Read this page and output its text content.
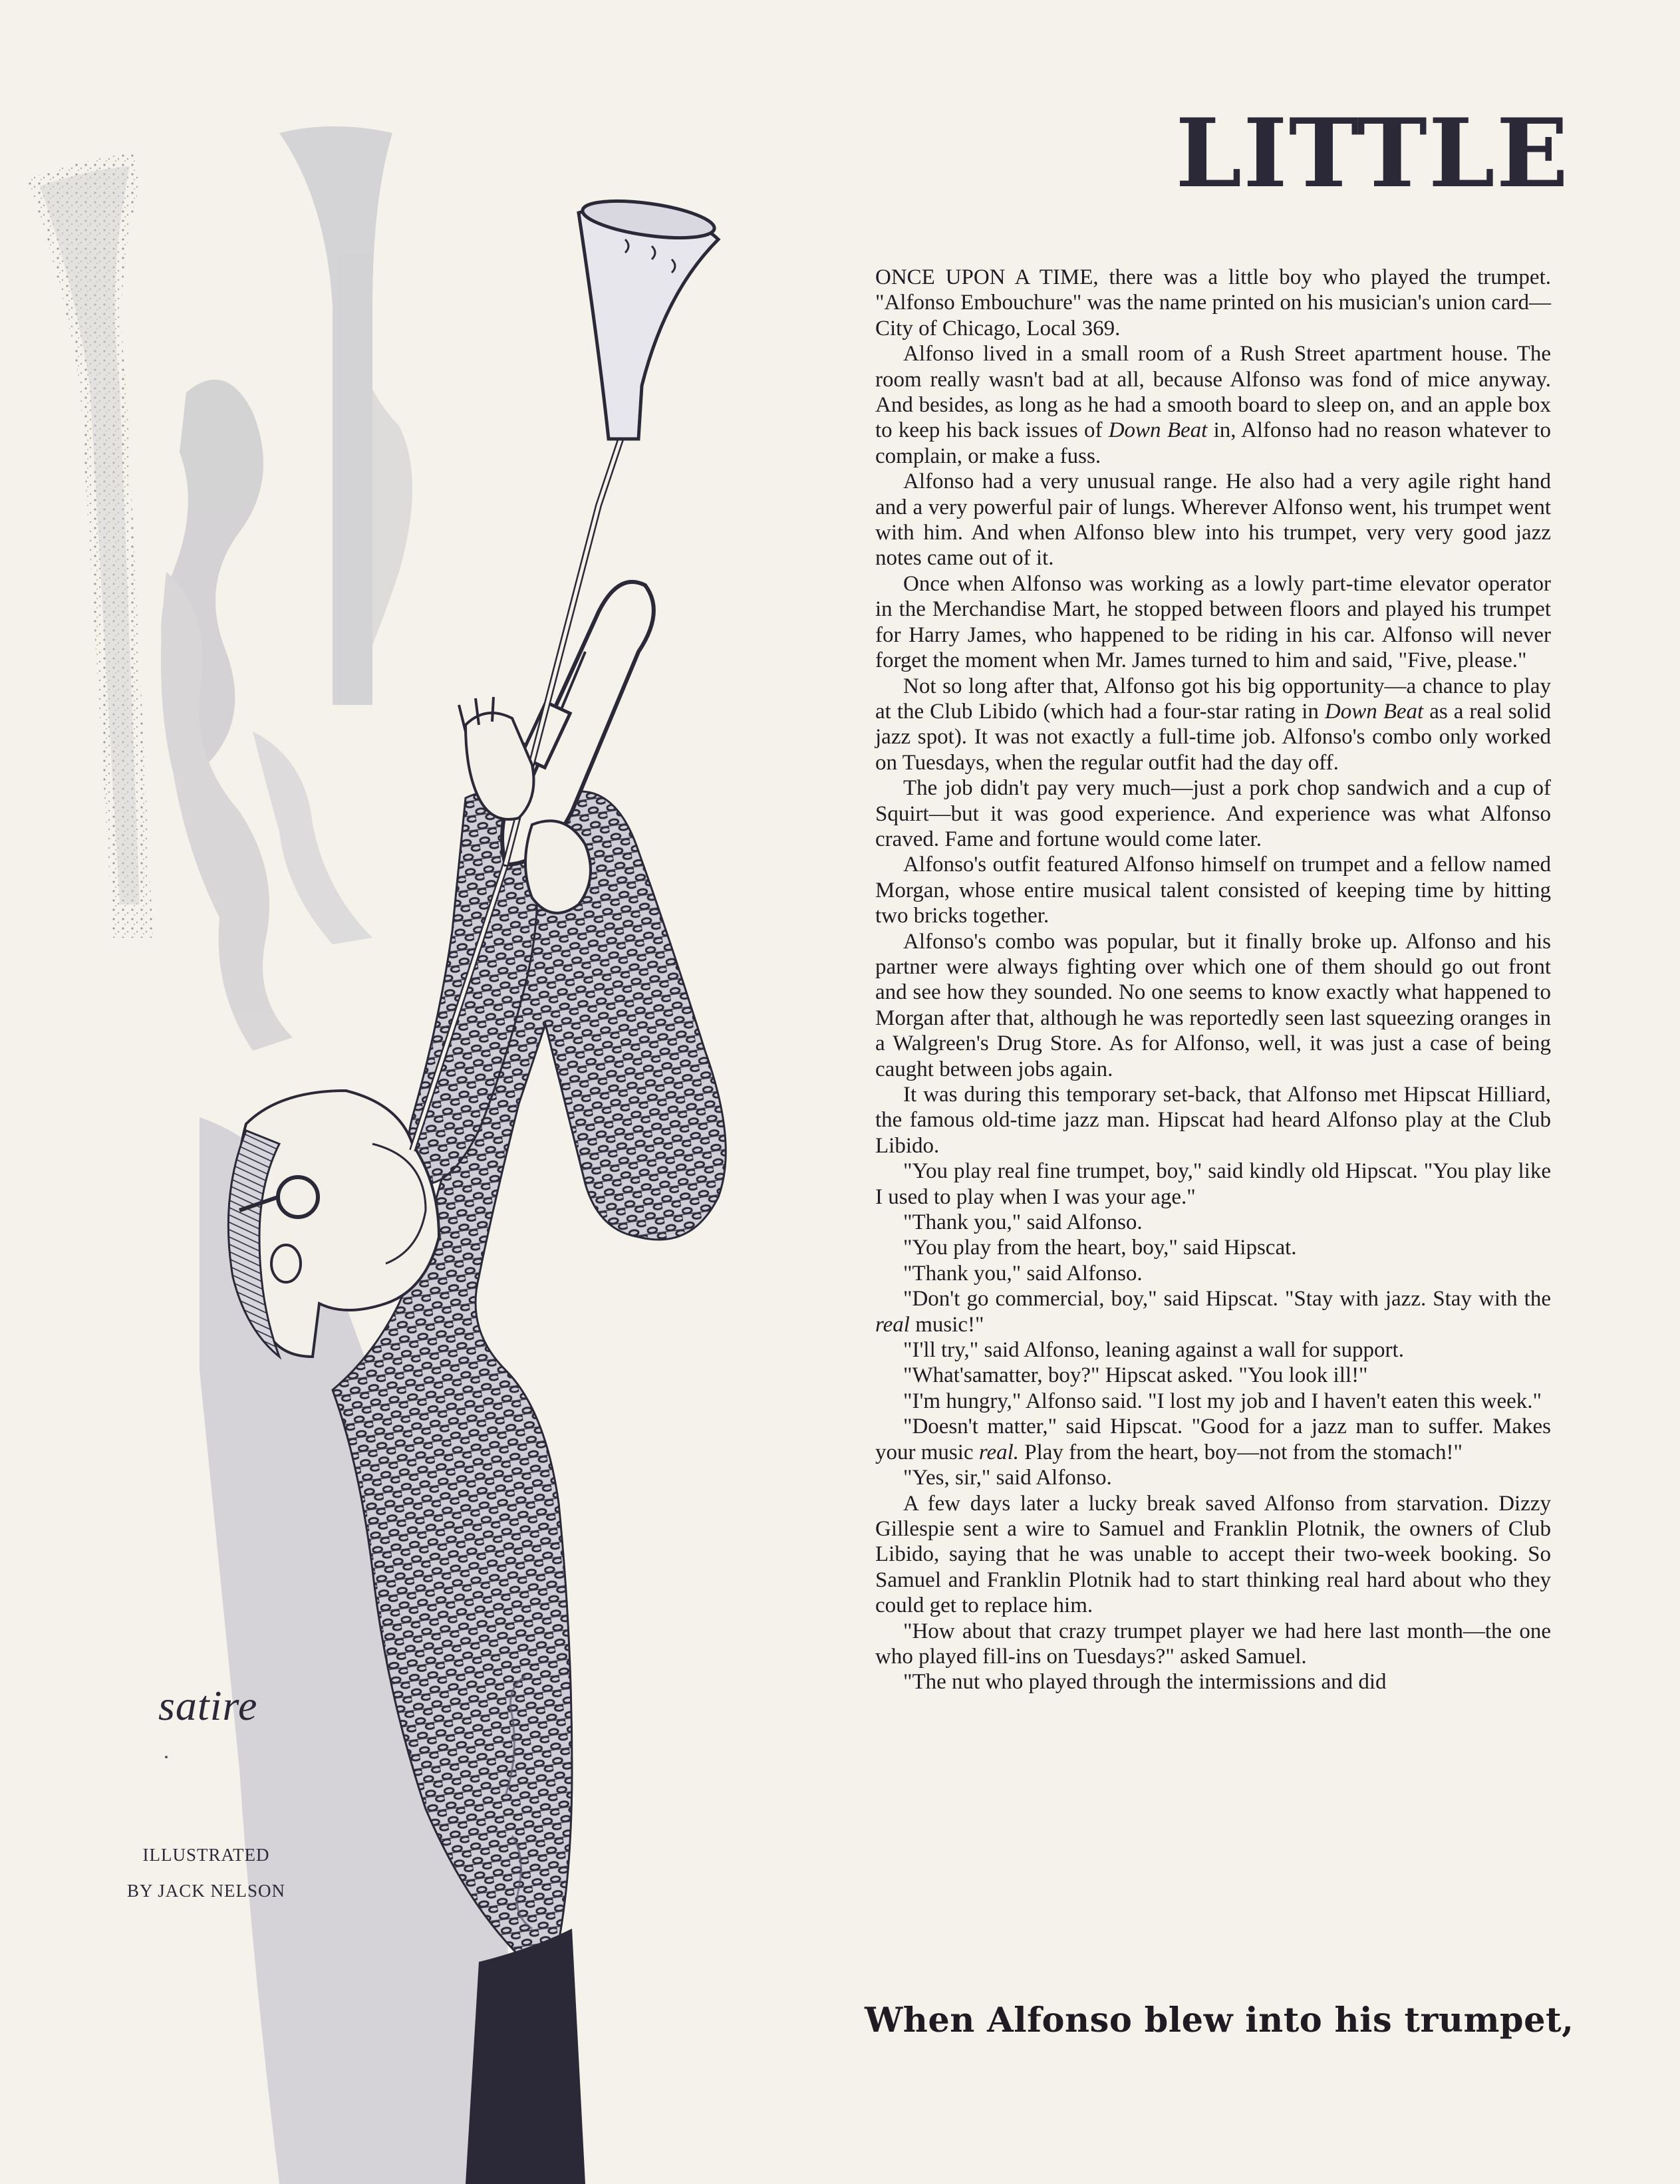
LITTLE
satire
ILLUSTRATED
BY JACK NELSON

ONCE UPON A TIME, there was a little boy who played the trumpet. "Alfonso Embouchure" was the name printed on his musician's union card—City of Chicago, Local 369.

Alfonso lived in a small room of a Rush Street apartment house. The room really wasn't bad at all, because Alfonso was fond of mice anyway. And besides, as long as he had a smooth board to sleep on, and an apple box to keep his back issues of Down Beat in, Alfonso had no reason whatever to complain, or make a fuss.

Alfonso had a very unusual range. He also had a very agile right hand and a very powerful pair of lungs. Wherever Alfonso went, his trumpet went with him. And when Alfonso blew into his trumpet, very very good jazz notes came out of it.

Once when Alfonso was working as a lowly part-time elevator operator in the Merchandise Mart, he stopped between floors and played his trumpet for Harry James, who happened to be riding in his car. Alfonso will never forget the moment when Mr. James turned to him and said, "Five, please."

Not so long after that, Alfonso got his big opportunity—a chance to play at the Club Libido (which had a four-star rating in Down Beat as a real solid jazz spot). It was not exactly a full-time job. Alfonso's combo only worked on Tuesdays, when the regular outfit had the day off.

The job didn't pay very much—just a pork chop sandwich and a cup of Squirt—but it was good experience. And experience was what Alfonso craved. Fame and fortune would come later.

Alfonso's outfit featured Alfonso himself on trumpet and a fellow named Morgan, whose entire musical talent consisted of keeping time by hitting two bricks together.

Alfonso's combo was popular, but it finally broke up. Alfonso and his partner were always fighting over which one of them should go out front and see how they sounded. No one seems to know exactly what happened to Morgan after that, although he was reportedly seen last squeezing oranges in a Walgreen's Drug Store. As for Alfonso, well, it was just a case of being caught between jobs again.

It was during this temporary set-back, that Alfonso met Hipscat Hilliard, the famous old-time jazz man. Hipscat had heard Alfonso play at the Club Libido.

"You play real fine trumpet, boy," said kindly old Hipscat. "You play like I used to play when I was your age."

"Thank you," said Alfonso.

"You play from the heart, boy," said Hipscat.

"Thank you," said Alfonso.

"Don't go commercial, boy," said Hipscat. "Stay with jazz. Stay with the real music!"

"I'll try," said Alfonso, leaning against a wall for support.

"What'samatter, boy?" Hipscat asked. "You look ill!"

"I'm hungry," Alfonso said. "I lost my job and I haven't eaten this week."

"Doesn't matter," said Hipscat. "Good for a jazz man to suffer. Makes your music real. Play from the heart, boy—not from the stomach!"

"Yes, sir," said Alfonso.

A few days later a lucky break saved Alfonso from starvation. Dizzy Gillespie sent a wire to Samuel and Franklin Plotnik, the owners of Club Libido, saying that he was unable to accept their two-week booking. So Samuel and Franklin Plotnik had to start thinking real hard about who they could get to replace him.

"How about that crazy trumpet player we had here last month—the one who played fill-ins on Tuesdays?" asked Samuel.

"The nut who played through the intermissions and did

When Alfonso blew into his trumpet,
